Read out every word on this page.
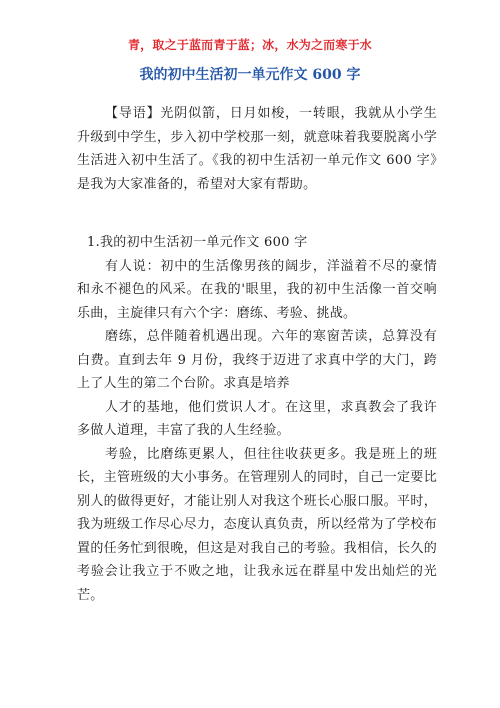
青，取之于蓝而青于蓝；冰，水为之而寒于水
我的初中生活初一单元作文 600 字

【导语】光阴似箭，日月如梭，一转眼，我就从小学生升级到中学生，步入初中学校那一刻，就意味着我要脱离小学生活进入初中生活了。《我的初中生活初一单元作文 600 字》是我为大家准备的，希望对大家有帮助。

1.我的初中生活初一单元作文 600 字

有人说：初中的生活像男孩的阔步，洋溢着不尽的豪情和永不褪色的风采。在我的'眼里，我的初中生活像一首交响乐曲，主旋律只有六个字：磨练、考验、挑战。

磨练，总伴随着机遇出现。六年的寒窗苦读，总算没有白费。直到去年 9 月份，我终于迈进了求真中学的大门，跨上了人生的第二个台阶。求真是培养

人才的基地，他们赏识人才。在这里，求真教会了我许多做人道理，丰富了我的人生经验。

考验，比磨练更累人，但往往收获更多。我是班上的班长，主管班级的大小事务。在管理别人的同时，自己一定要比别人的做得更好，才能让别人对我这个班长心服口服。平时，我为班级工作尽心尽力，态度认真负责，所以经常为了学校布置的任务忙到很晚，但这是对我自己的考验。我相信，长久的考验会让我立于不败之地，让我永远在群星中发出灿烂的光芒。
